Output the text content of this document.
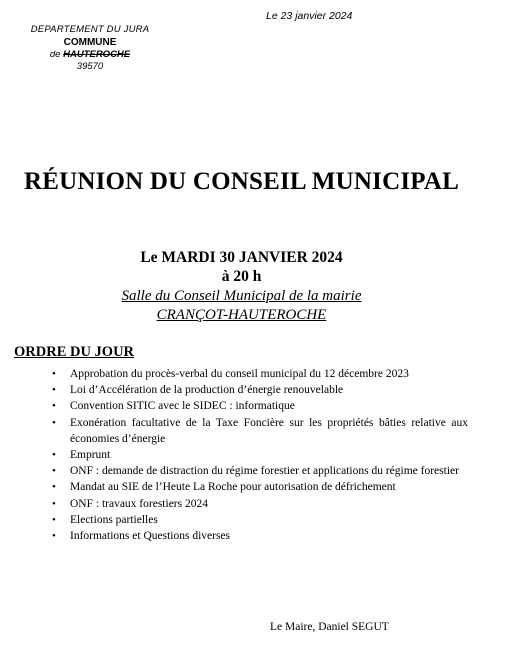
DEPARTEMENT DU JURA
COMMUNE
de HAUTEROCHE
39570
Le 23 janvier 2024
RÉUNION DU CONSEIL MUNICIPAL
Le MARDI 30 JANVIER 2024
à 20 h
Salle du Conseil Municipal de la mairie
CRANÇOT-HAUTEROCHE
ORDRE DU JOUR
• Approbation du procès-verbal du conseil municipal du 12 décembre 2023
• Loi d’Accélération de la production d’énergie renouvelable
• Convention SITIC avec le SIDEC : informatique
• Exonération facultative de la Taxe Foncière sur les propriétés bâties relative aux économies d’énergie
• Emprunt
• ONF : demande de distraction du régime forestier et applications du régime forestier
• Mandat au SIE de l’Heute La Roche pour autorisation de défrichement
• ONF : travaux forestiers 2024
• Elections partielles
• Informations et Questions diverses
Le Maire, Daniel SEGUT
